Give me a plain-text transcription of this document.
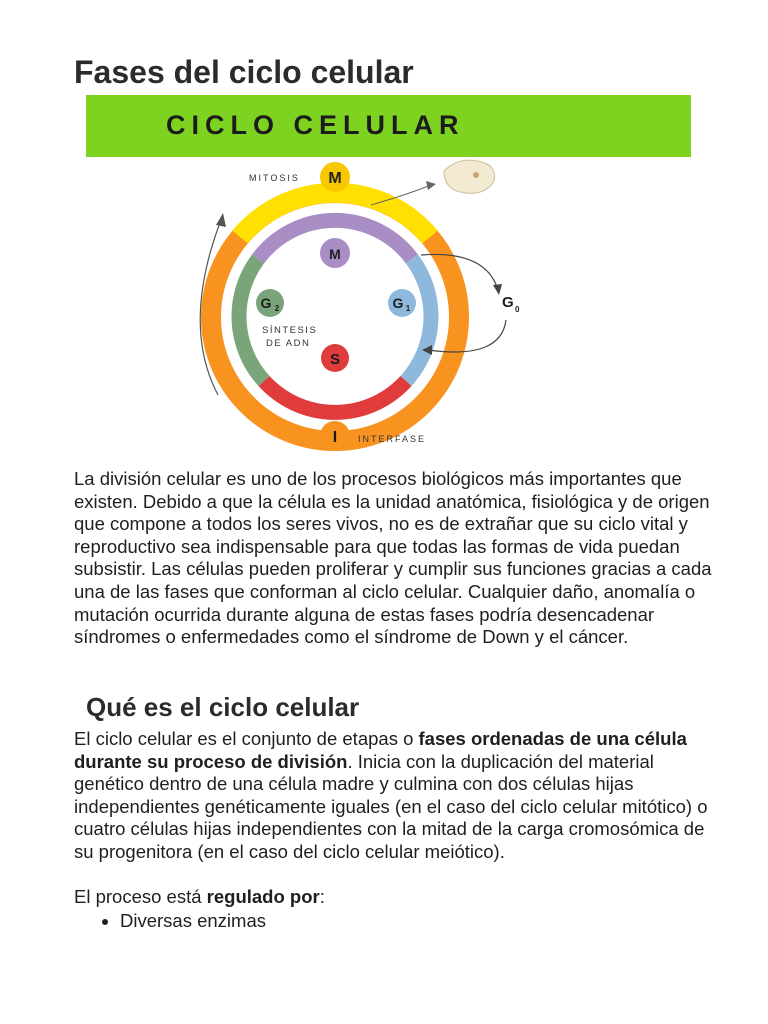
Fases del ciclo celular
CICLO CELULAR
MITOSIS M
M
G 2	G 1	G 0
SÍNTESIS
DE ADN
S
I INTERFASE

La división celular es uno de los procesos biológicos más importantes que existen. Debido a que la célula es la unidad anatómica, fisiológica y de origen que compone a todos los seres vivos, no es de extrañar que su ciclo vital y reproductivo sea indispensable para que todas las formas de vida puedan subsistir. Las células pueden proliferar y cumplir sus funciones gracias a cada una de las fases que conforman al ciclo celular. Cualquier daño, anomalía o mutación ocurrida durante alguna de estas fases podría desencadenar síndromes o enfermedades como el síndrome de Down y el cáncer.

Qué es el ciclo celular

El ciclo celular es el conjunto de etapas o fases ordenadas de una célula durante su proceso de división. Inicia con la duplicación del material genético dentro de una célula madre y culmina con dos células hijas independientes genéticamente iguales (en el caso del ciclo celular mitótico) o cuatro células hijas independientes con la mitad de la carga cromosómica de su progenitora (en el caso del ciclo celular meiótico).

El proceso está regulado por:

• Diversas enzimas
